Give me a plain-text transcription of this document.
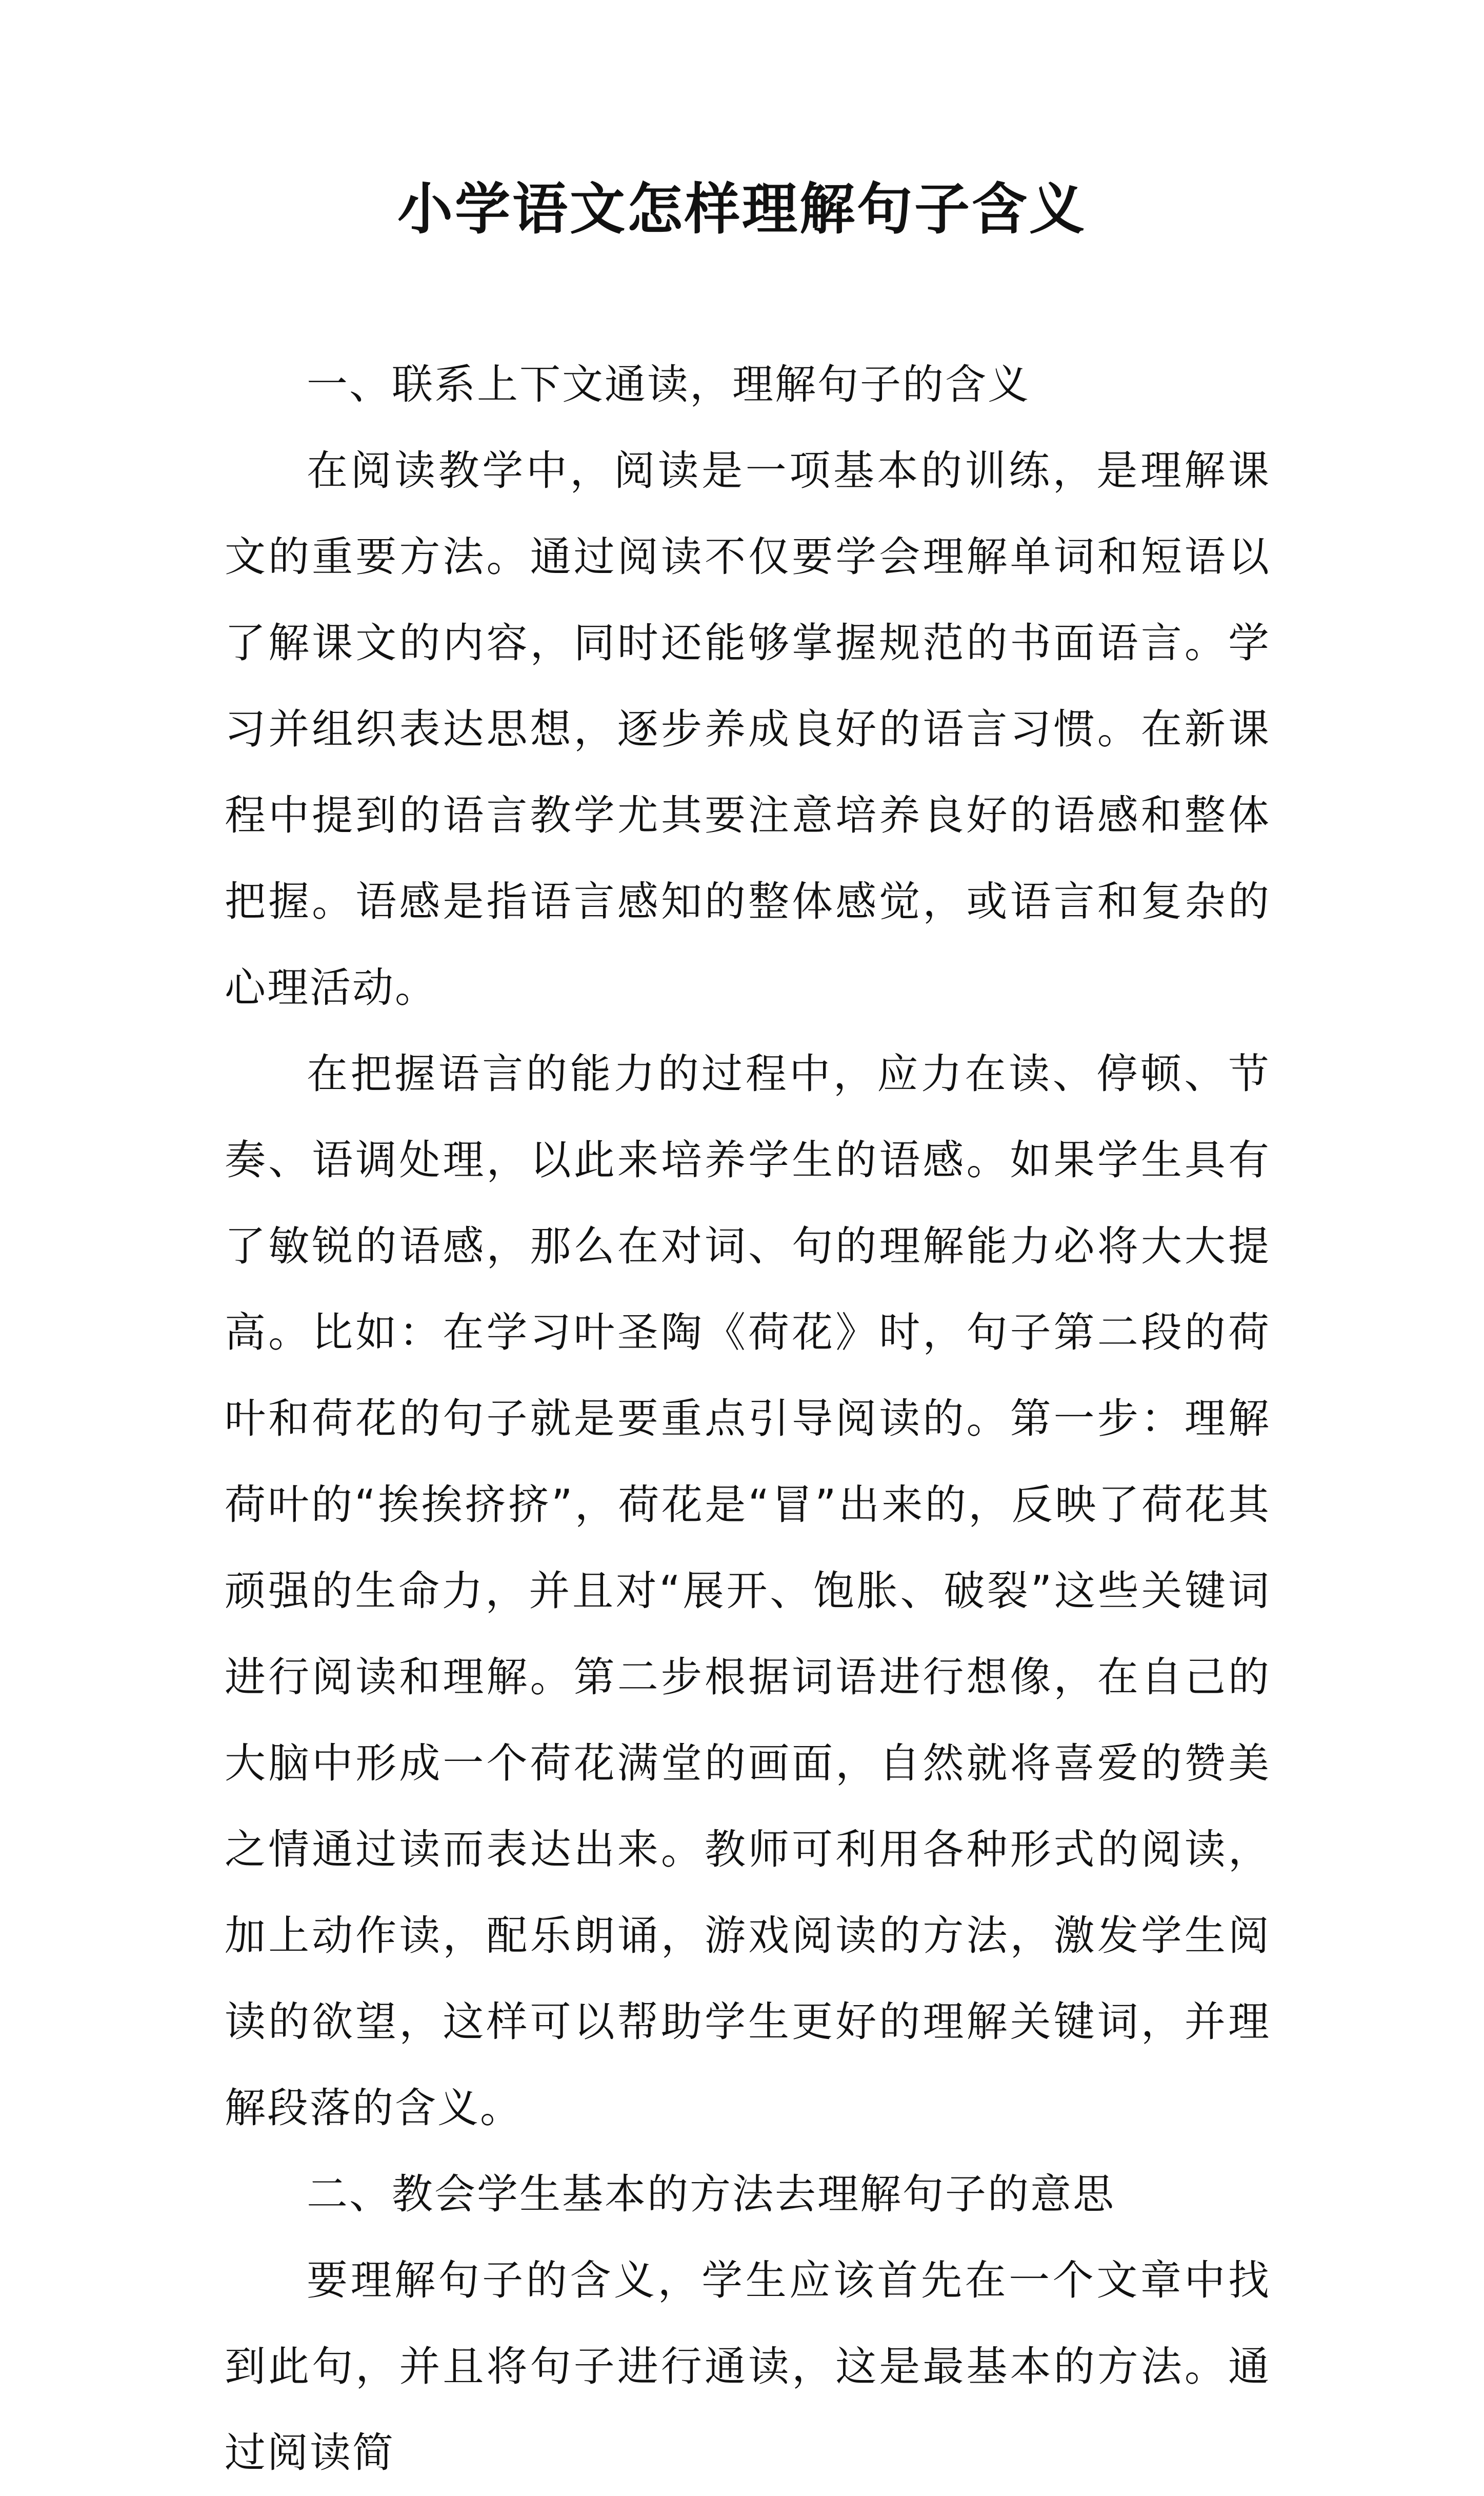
小学语文怎样理解句子含义

一、联系上下文通读，理解句子的含义

在阅读教学中，阅读是一项基本的训练，是理解课文的重要方法。通过阅读不仅要学会理解单词和短语以了解课文的内容，同时还能够掌握规范的书面语言。学习并组织表达思想，逐步养成良好的语言习惯。在新课程中提到的语言教学尤其要注意培养良好的语感和整体把握。语感是指语言感知的整体感觉，或语言和复杂的心理活动。

在把握语言的能力的过程中，应力在读、停顿、节奏、语调处理，以此来培养学生的语感。如果学生具有了敏锐的语感，那么在对词、句的理解能力必将大大提高。比如：在学习叶圣陶《荷花》时，句子第二段的荷叶和荷花的句子就是要重点引导阅读的。第一步：理解荷叶的“挨挨挤挤”，荷花是“冒”出来的，反映了荷花其顽强的生命力，并且对“展开、饱胀、破裂”这些关键词进行阅读和理解。第二步根据词语进行想像，在自己的大脑中形成一个荷花满堂的画面，自然就将喜爱的赞美之情通过读而表达出来。教师可利用各种形式的阅读，加上动作读，配乐朗诵，游戏阅读的方法，激发学生阅读的欲望，这样可以帮助学生更好的理解关键词，并理解段落的含义。

二、教会学生基本的方法去理解句子的意思

要理解句子的含义，学生应该首先在一个文章中找到此句，并且将句子进行通读，这是最基本的方法。通过阅读简
